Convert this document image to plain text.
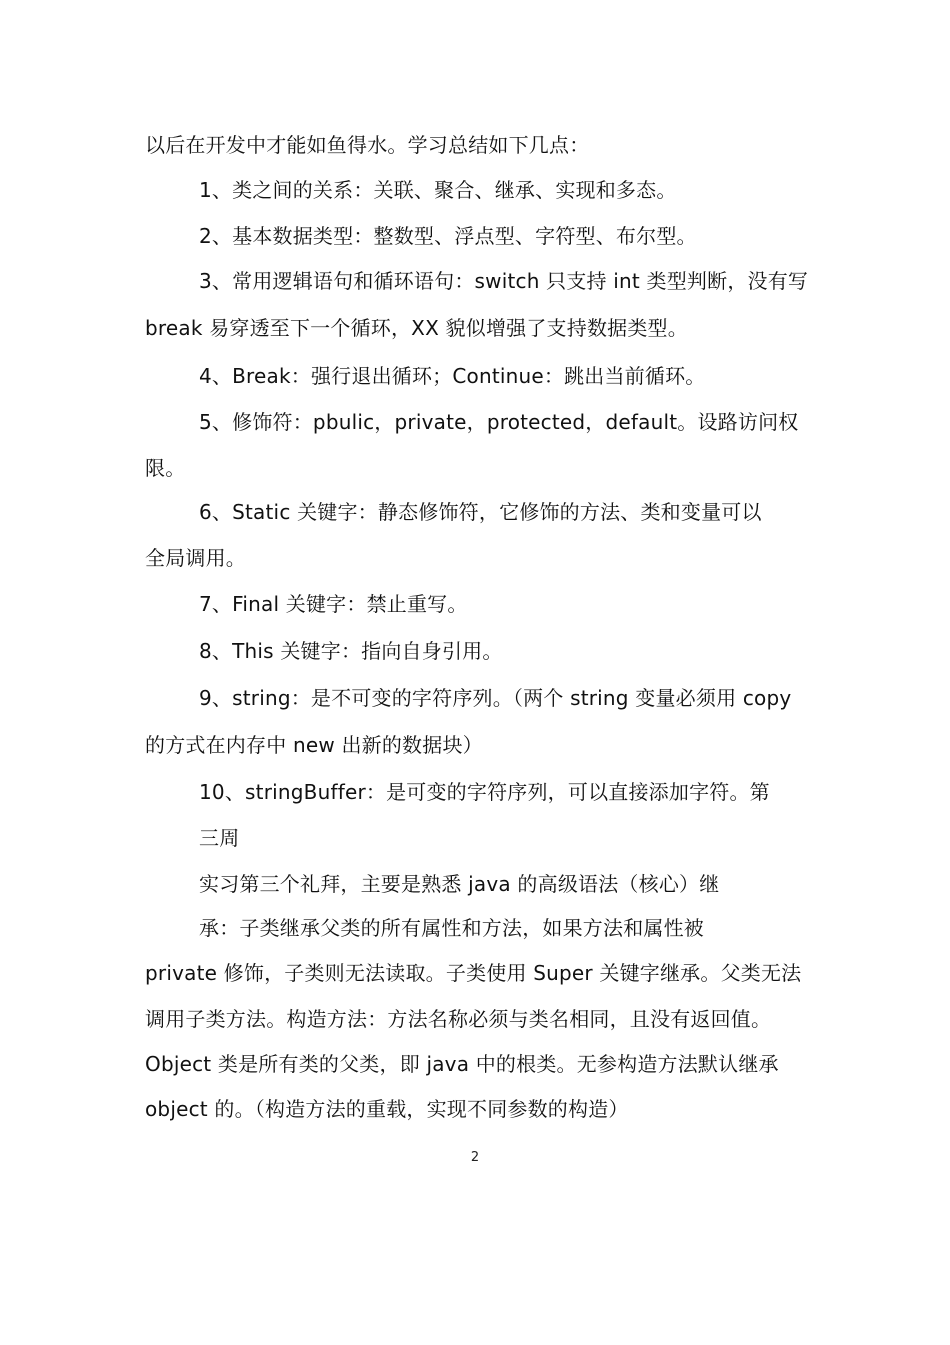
以后在开发中才能如鱼得水。学习总结如下几点：
1、类之间的关系：关联、聚合、继承、实现和多态。
2、基本数据类型：整数型、浮点型、字符型、布尔型。
3、常用逻辑语句和循环语句：switch 只支持 int 类型判断，没有写
break 易穿透至下一个循环，XX 貌似增强了支持数据类型。
4、Break：强行退出循环；Continue：跳出当前循环。
5、修饰符：pbulic，private，protected，default。设路访问权
限。
6、Static 关键字：静态修饰符，它修饰的方法、类和变量可以
全局调用。
7、Final 关键字：禁止重写。
8、This 关键字：指向自身引用。
9、string：是不可变的字符序列。（两个 string 变量必须用 copy
的方式在内存中 new 出新的数据块）
10、stringBuffer：是可变的字符序列，可以直接添加字符。第
三周
实习第三个礼拜，主要是熟悉 java 的高级语法（核心）继
承：子类继承父类的所有属性和方法，如果方法和属性被
private 修饰，子类则无法读取。子类使用 Super 关键字继承。父类无法
调用子类方法。构造方法：方法名称必须与类名相同，且没有返回值。
Object 类是所有类的父类，即 java 中的根类。无参构造方法默认继承
object 的。（构造方法的重载，实现不同参数的构造）
2
